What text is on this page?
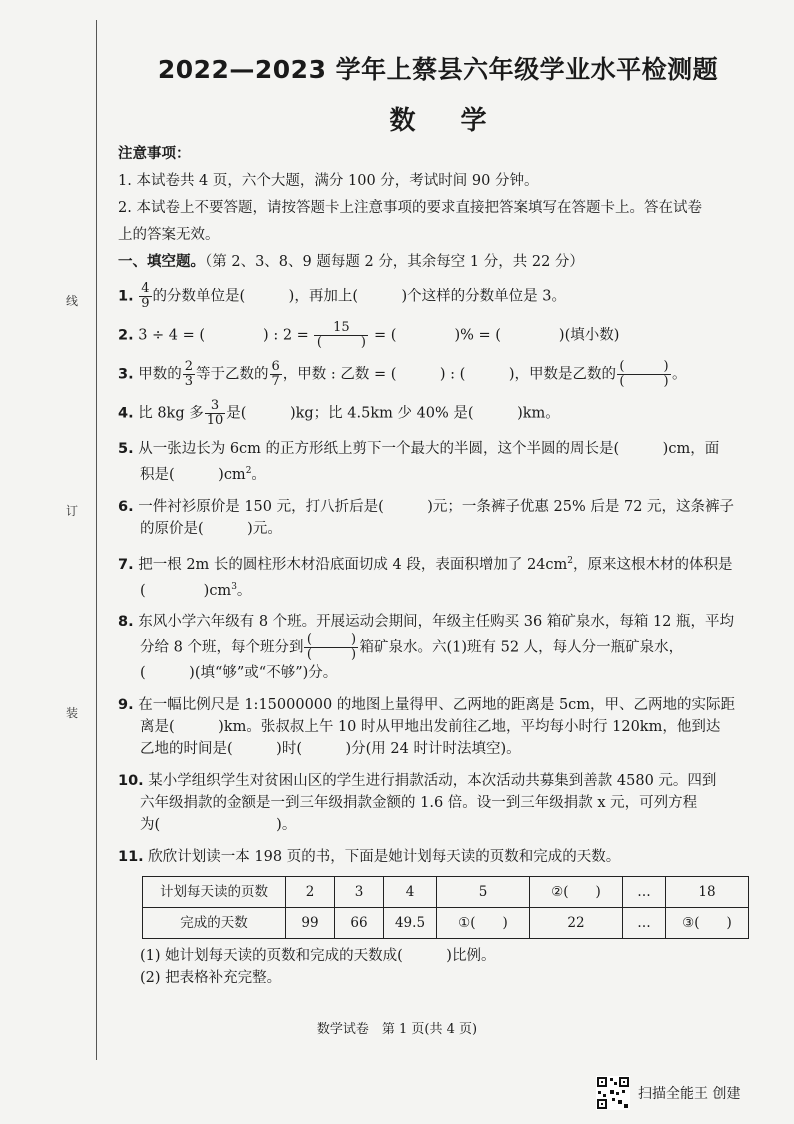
线
订
装
2022—2023 学年上蔡县六年级学业水平检测题
数 学
注意事项：
1. 本试卷共 4 页，六个大题，满分 100 分，考试时间 90 分钟。
2. 本试卷上不要答题，请按答题卡上注意事项的要求直接把答案填写在答题卡上。答在试卷
上的答案无效。
一、填空题。（第 2、3、8、9 题每题 2 分，其余每空 1 分，共 22 分）
1. $\frac{4}{9}$ 的分数单位是(　　　)，再加上(　　　)个这样的分数单位是 3。
2. 3 ÷ 4 = (　　　　) : $2 = \frac{15}{( )}$ = (　　　　)% = (　　　　)(填小数)
3. 甲数的 $\frac{2}{3}$ 等于乙数的 $\frac{6}{7}$ ，甲数 : 乙数 = (　　　) : (　　　)，甲数是乙数的 $\frac{( )}{( )}$ 。
4. 比 8kg 多 $\frac{3}{10}$ 是(　　　)kg；比 4.5km 少 40% 是(　　　)km。
5. 从一张边长为 6cm 的正方形纸上剪下一个最大的半圆，这个半圆的周长是(　　　)cm，面
积是(　　　)$cm^2$。
6. 一件衬衫原价是 150 元，打八折后是(　　　)元；一条裤子优惠 25% 后是 72 元，这条裤子
的原价是(　　　)元。
7. 把一根 2m 长的圆柱形木材沿底面切成 4 段，表面积增加了 $24cm^2$，原来这根木材的体积是
(　　　　)$cm^3$。
8. 东风小学六年级有 8 个班。开展运动会期间，年级主任购买 36 箱矿泉水，每箱 12 瓶，平均
分给 8 个班，每个班分到 $\frac{( )}{( )}$ 箱矿泉水。六(1)班有 52 人，每人分一瓶矿泉水，
(　　　)(填“够”或“不够”)分。
9. 在一幅比例尺是 1:15000000 的地图上量得甲、乙两地的距离是 5cm，甲、乙两地的实际距
离是(　　　)km。张叔叔上午 10 时从甲地出发前往乙地，平均每小时行 120km，他到达
乙地的时间是(　　　)时(　　　)分(用 24 时计时法填空)。
10. 某小学组织学生对贫困山区的学生进行捐款活动，本次活动共募集到善款 4580 元。四到
六年级捐款的金额是一到三年级捐款金额的 1.6 倍。设一到三年级捐款 x 元，可列方程
为(　　　　　　　　)。
11. 欣欣计划读一本 198 页的书，下面是她计划每天读的页数和完成的天数。
计划每天读的页数	2	3	4	5	②(　　)	…	18
完成的天数	99	66	49.5	①(　　)	22	…	③(　　)
(1) 她计划每天读的页数和完成的天数成(　　　)比例。
(2) 把表格补充完整。
数学试卷　第 1 页(共 4 页)
扫描全能王 创建
